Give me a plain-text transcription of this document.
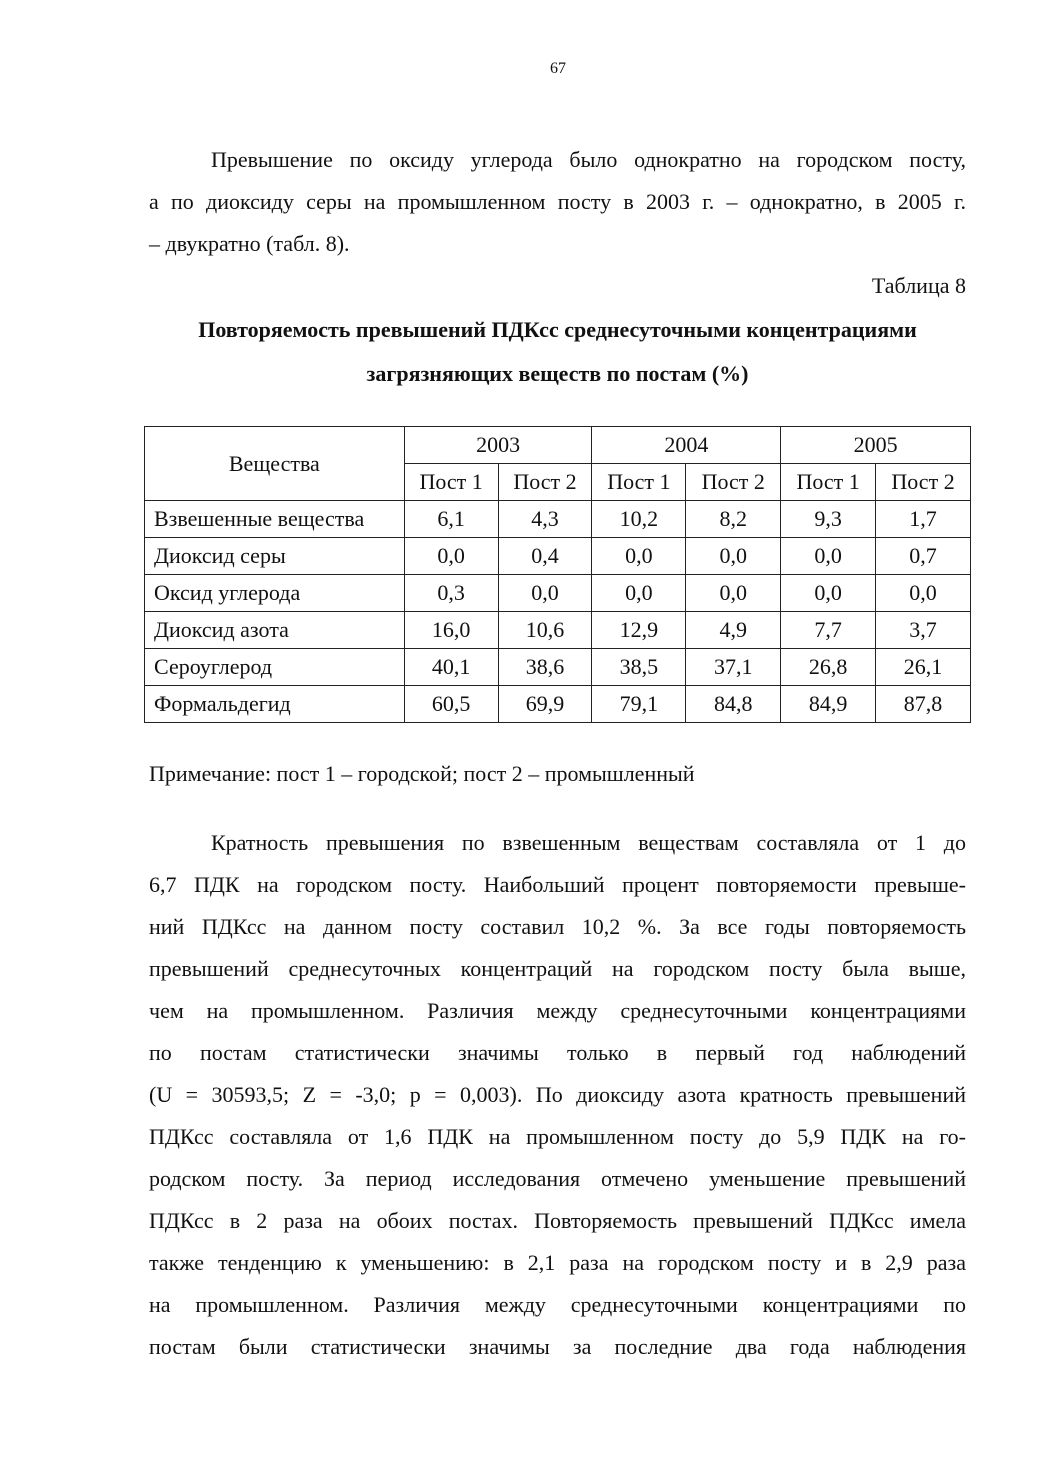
67
Превышение по оксиду углерода было однократно на городском посту,
а по диоксиду серы на промышленном посту в 2003 г. – однократно, в 2005 г.
– двукратно (табл. 8).
Таблица 8
Повторяемость превышений ПДКсс среднесуточными концентрациями
загрязняющих веществ по постам (%)
Вещества	2003		2004		2005	
	Пост 1	Пост 2	Пост 1	Пост 2	Пост 1	Пост 2
Взвешенные вещества	6,1	4,3	10,2	8,2	9,3	1,7
Диоксид серы	0,0	0,4	0,0	0,0	0,0	0,7
Оксид углерода	0,3	0,0	0,0	0,0	0,0	0,0
Диоксид азота	16,0	10,6	12,9	4,9	7,7	3,7
Сероуглерод	40,1	38,6	38,5	37,1	26,8	26,1
Формальдегид	60,5	69,9	79,1	84,8	84,9	87,8
Примечание: пост 1 – городской; пост 2 – промышленный
Кратность превышения по взвешенным веществам составляла от 1 до
6,7 ПДК на городском посту. Наибольший процент повторяемости превыше-
ний ПДКсс на данном посту составил 10,2 %. За все годы повторяемость
превышений среднесуточных концентраций на городском посту была выше,
чем на промышленном. Различия между среднесуточными концентрациями
по постам статистически значимы только в первый год наблюдений
(U = 30593,5; Z = -3,0; p = 0,003). По диоксиду азота кратность превышений
ПДКсс составляла от 1,6 ПДК на промышленном посту до 5,9 ПДК на го-
родском посту. За период исследования отмечено уменьшение превышений
ПДКсс в 2 раза на обоих постах. Повторяемость превышений ПДКсс имела
также тенденцию к уменьшению: в 2,1 раза на городском посту и в 2,9 раза
на промышленном. Различия между среднесуточными концентрациями по
постам были статистически значимы за последние два года наблюдения
